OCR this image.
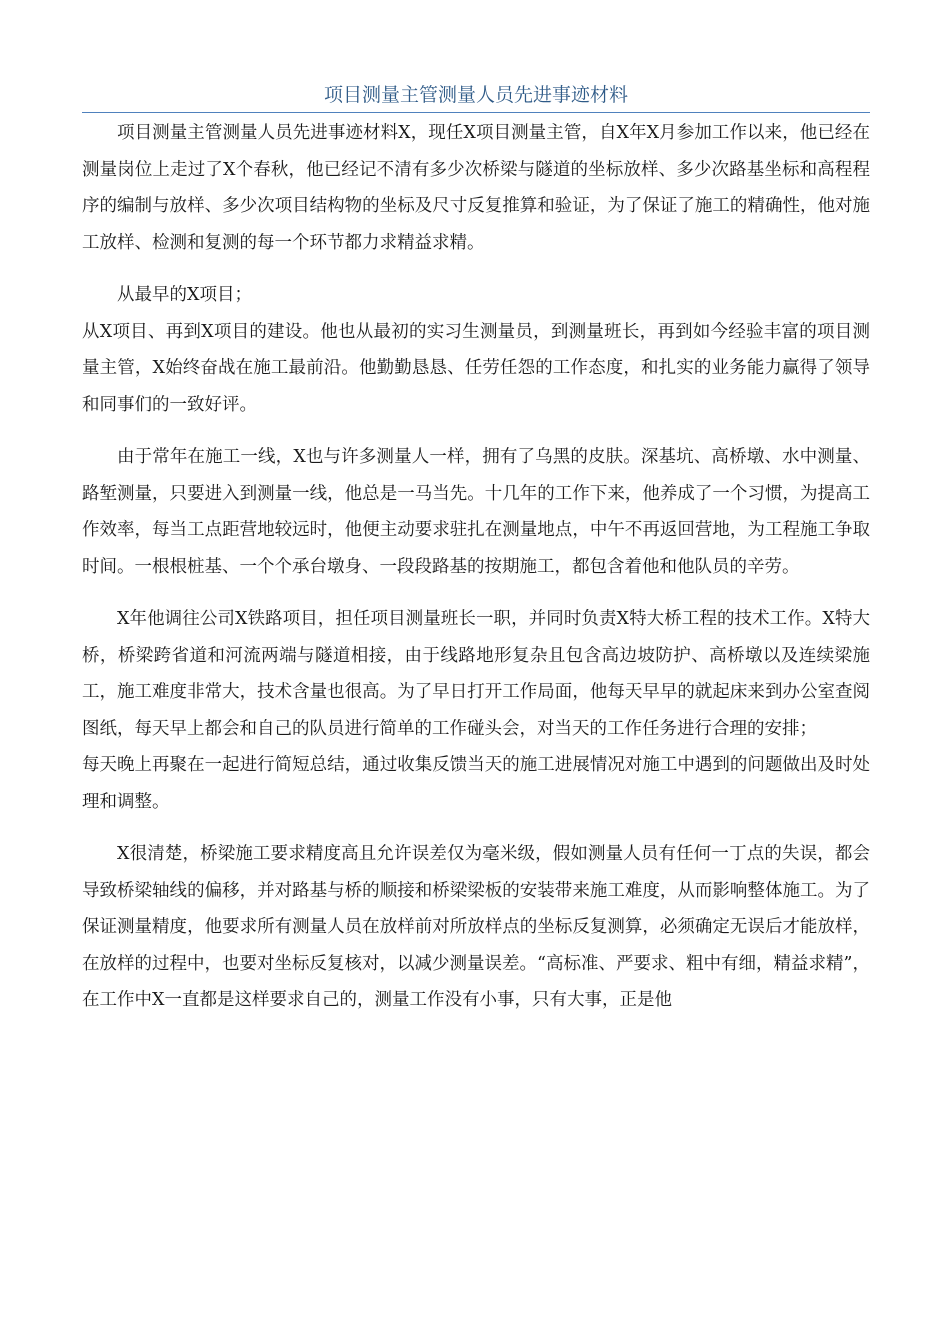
项目测量主管测量人员先进事迹材料

项目测量主管测量人员先进事迹材料X，现任X项目测量主管，自X年X月参加工作以来，他已经在测量岗位上走过了X个春秋，他已经记不清有多少次桥梁与隧道的坐标放样、多少次路基坐标和高程程序的编制与放样、多少次项目结构物的坐标及尺寸反复推算和验证，为了保证了施工的精确性，他对施工放样、检测和复测的每一个环节都力求精益求精。

从最早的X项目；

从X项目、再到X项目的建设。他也从最初的实习生测量员，到测量班长，再到如今经验丰富的项目测量主管，X始终奋战在施工最前沿。他勤勤恳恳、任劳任怨的工作态度，和扎实的业务能力赢得了领导和同事们的一致好评。

由于常年在施工一线，X也与许多测量人一样，拥有了乌黑的皮肤。深基坑、高桥墩、水中测量、路堑测量，只要进入到测量一线，他总是一马当先。十几年的工作下来，他养成了一个习惯，为提高工作效率，每当工点距营地较远时，他便主动要求驻扎在测量地点，中午不再返回营地，为工程施工争取时间。一根根桩基、一个个承台墩身、一段段路基的按期施工，都包含着他和他队员的辛劳。

X年他调往公司X铁路项目，担任项目测量班长一职，并同时负责X特大桥工程的技术工作。X特大桥，桥梁跨省道和河流两端与隧道相接，由于线路地形复杂且包含高边坡防护、高桥墩以及连续梁施工，施工难度非常大，技术含量也很高。为了早日打开工作局面，他每天早早的就起床来到办公室查阅图纸，每天早上都会和自己的队员进行简单的工作碰头会，对当天的工作任务进行合理的安排；

每天晚上再聚在一起进行简短总结，通过收集反馈当天的施工进展情况对施工中遇到的问题做出及时处理和调整。

X很清楚，桥梁施工要求精度高且允许误差仅为毫米级，假如测量人员有任何一丁点的失误，都会导致桥梁轴线的偏移，并对路基与桥的顺接和桥梁梁板的安装带来施工难度，从而影响整体施工。为了保证测量精度，他要求所有测量人员在放样前对所放样点的坐标反复测算，必须确定无误后才能放样，在放样的过程中，也要对坐标反复核对，以减少测量误差。“高标准、严要求、粗中有细，精益求精”，在工作中X一直都是这样要求自己的，测量工作没有小事，只有大事，正是他
